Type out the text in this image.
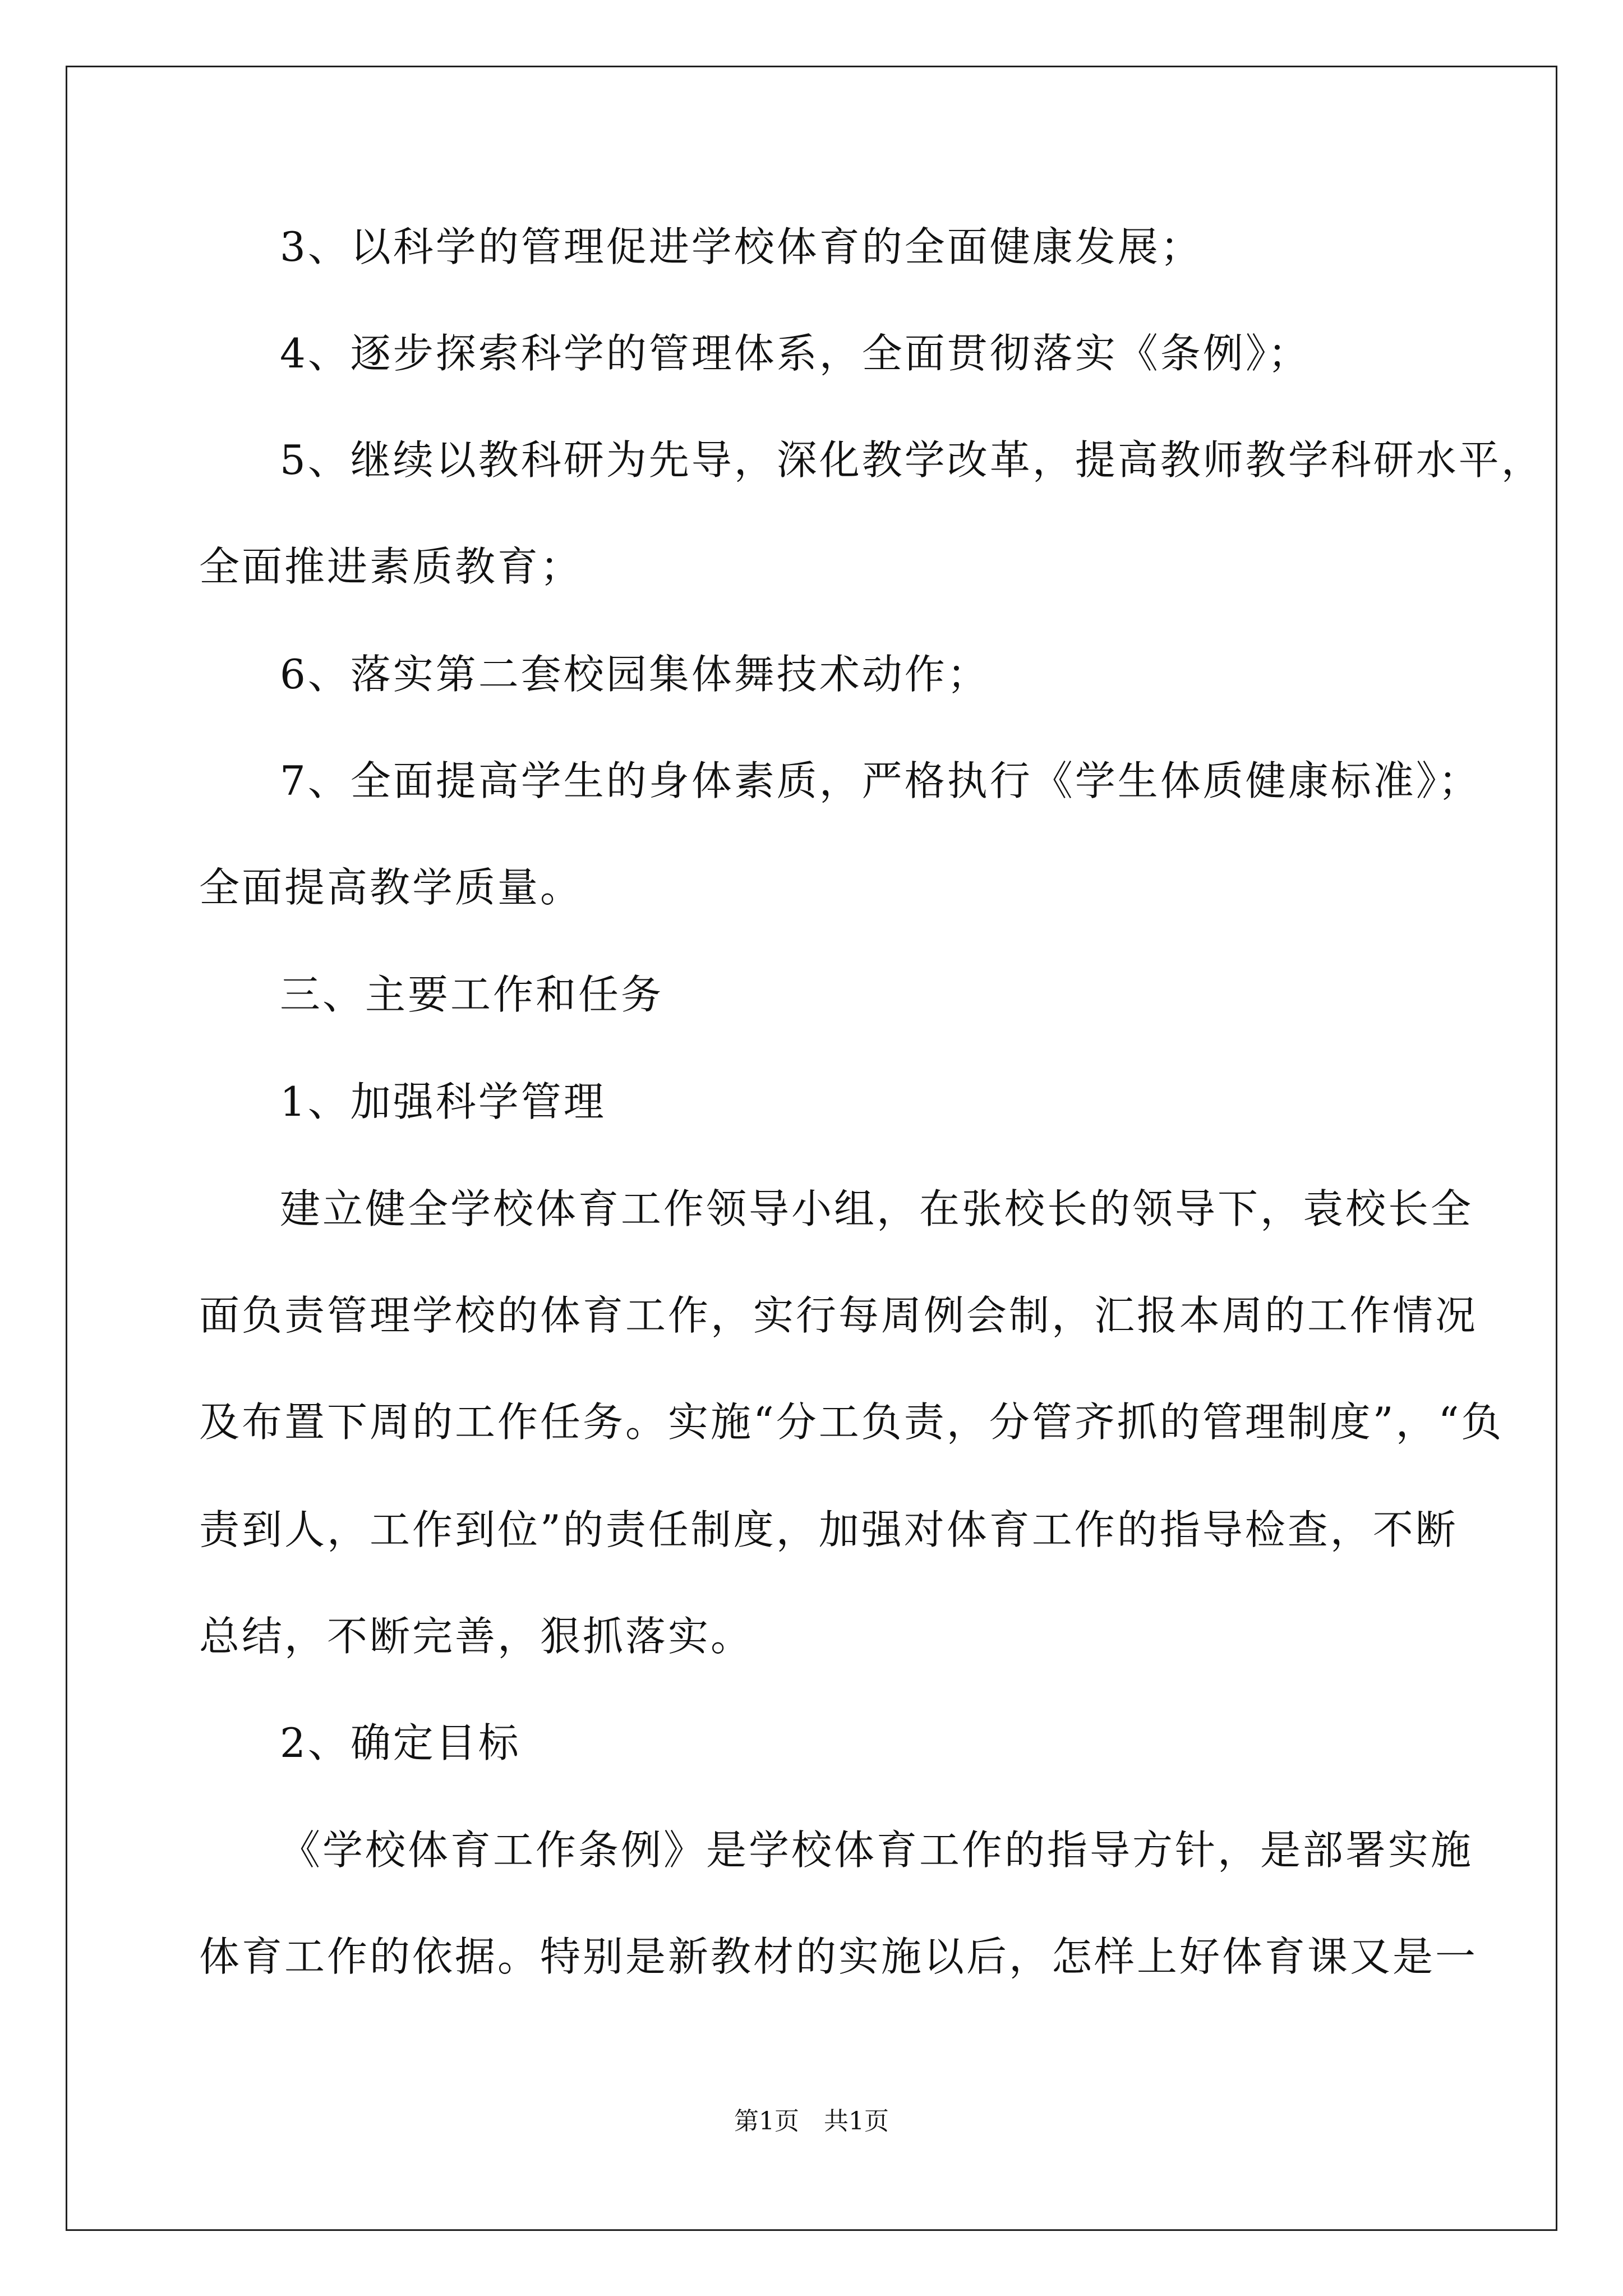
3、以科学的管理促进学校体育的全面健康发展；
4、逐步探索科学的管理体系，全面贯彻落实《条例》；
5、继续以教科研为先导，深化教学改革，提高教师教学科研水平，
全面推进素质教育；
6、落实第二套校园集体舞技术动作；
7、全面提高学生的身体素质，严格执行《学生体质健康标准》；
全面提高教学质量。
三、主要工作和任务
1、加强科学管理
建立健全学校体育工作领导小组，在张校长的领导下，袁校长全
面负责管理学校的体育工作，实行每周例会制，汇报本周的工作情况
及布置下周的工作任务。实施“分工负责，分管齐抓的管理制度”，“负
责到人，工作到位”的责任制度，加强对体育工作的指导检查，不断
总结，不断完善，狠抓落实。
2、确定目标
《学校体育工作条例》是学校体育工作的指导方针，是部署实施
体育工作的依据。特别是新教材的实施以后，怎样上好体育课又是一
第1页　共1页
